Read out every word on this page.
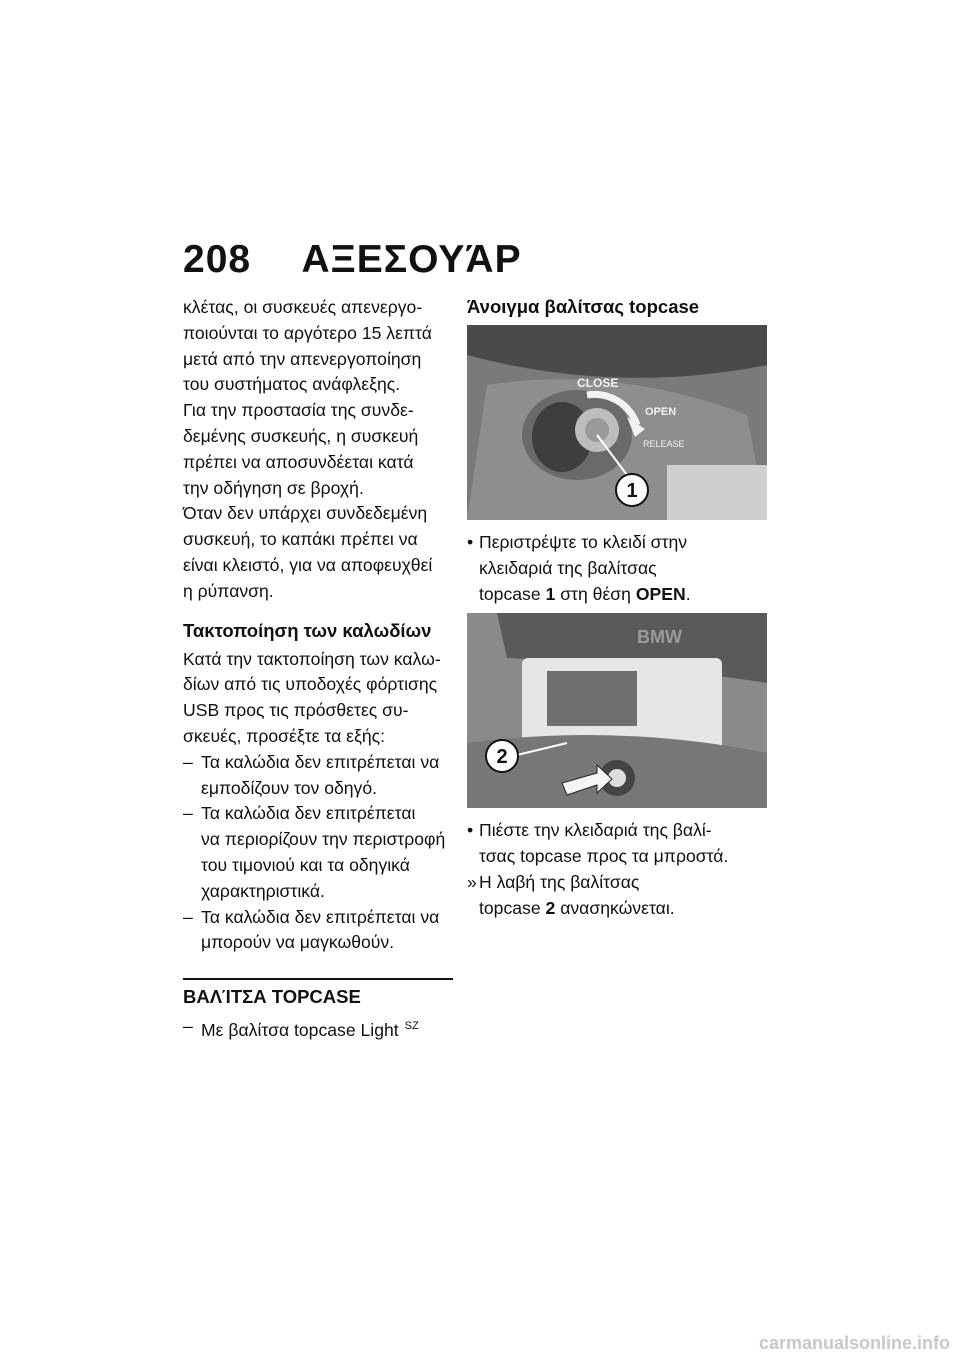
208 ΑΞΕΣΟΥΆΡ

κλέτας, οι συσκευές απενεργο-

ποιούνται το αργότερο 15 λεπτά

μετά από την απενεργοποίηση

του συστήματος ανάφλεξης.

Για την προστασία της συνδε-

δεμένης συσκευής, η συσκευή

πρέπει να αποσυνδέεται κατά

την οδήγηση σε βροχή.

Όταν δεν υπάρχει συνδεδεμένη

συσκευή, το καπάκι πρέπει να

είναι κλειστό, για να αποφευχθεί

η ρύπανση.

Τακτοποίηση των καλωδίων

Κατά την τακτοποίηση των καλω-

δίων από τις υποδοχές φόρτισης

USB προς τις πρόσθετες συ-

σκευές, προσέξτε τα εξής:

– Τα καλώδια δεν επιτρέπεται να
εμποδίζουν τον οδηγό.
– Τα καλώδια δεν επιτρέπεται
να περιορίζουν την περιστροφή
του τιμονιού και τα οδηγικά
χαρακτηριστικά.
– Τα καλώδια δεν επιτρέπεται να
μπορούν να μαγκωθούν.
ΒΑΛΊΤΣΑ TOPCASE
– Με βαλίτσα topcase Light $^{SZ}$
Άνοιγμα βαλίτσας topcase
CLOSE
OPEN
RELEASE
1
• Περιστρέψτε το κλειδί στην
κλειδαριά της βαλίτσας
topcase 1 στη θέση OPEN.
BMW
2
• Πιέστε την κλειδαριά της βαλί-
τσας topcase προς τα μπροστά.
» Η λαβή της βαλίτσας
topcase 2 ανασηκώνεται.
carmanualsonline.info
